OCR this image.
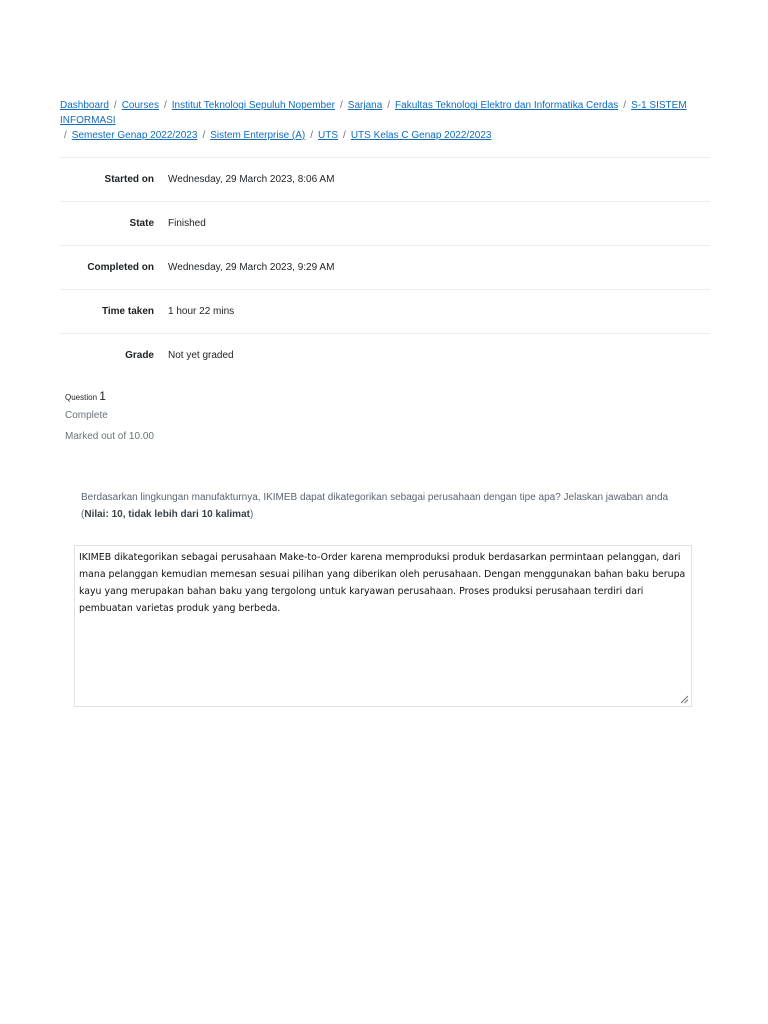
Dashboard / Courses / Institut Teknologi Sepuluh Nopember / Sarjana / Fakultas Teknologi Elektro dan Informatika Cerdas / S-1 SISTEM INFORMASI
/ Semester Genap 2022/2023 / Sistem Enterprise (A) / UTS / UTS Kelas C Genap 2022/2023
Started on	Wednesday, 29 March 2023, 8:06 AM
State	Finished
Completed on	Wednesday, 29 March 2023, 9:29 AM
Time taken	1 hour 22 mins
Grade	Not yet graded
Question 1
Complete
Marked out of 10.00
Berdasarkan lingkungan manufakturnya, IKIMEB dapat dikategorikan sebagai perusahaan dengan tipe apa? Jelaskan jawaban anda (Nilai: 10, tidak lebih dari 10 kalimat)
IKIMEB dikategorikan sebagai perusahaan Make-to-Order karena memproduksi produk berdasarkan permintaan pelanggan, dari mana pelanggan kemudian memesan sesuai pilihan yang diberikan oleh perusahaan. Dengan menggunakan bahan baku berupa kayu yang merupakan bahan baku yang tergolong untuk karyawan perusahaan. Proses produksi perusahaan terdiri dari pembuatan varietas produk yang berbeda.
